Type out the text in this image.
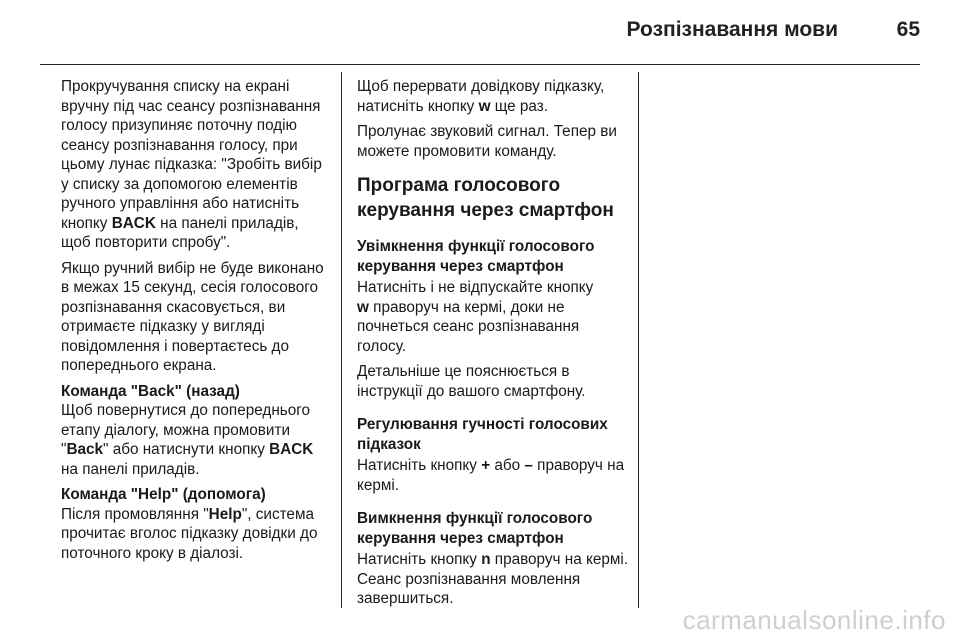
Розпізнавання мови	65

Прокручування списку на екрані вручну під час сеансу розпізнавання голосу призупиняє поточну подію сеансу розпізнавання голосу, при цьому лунає підказка: "Зробіть вибір у списку за допомогою елементів ручного управління або натисніть кнопку BACK на панелі приладів, щоб повторити спробу".

Якщо ручний вибір не буде виконано в межах 15 секунд, сесія голосового розпізнавання скасовується, ви отримаєте підказку у вигляді повідомлення і повертаєтесь до попереднього екрана.

Команда "Back" (назад)

Щоб повернутися до попереднього етапу діалогу, можна промовити "Back" або натиснути кнопку BACK на панелі приладів.

Команда "Help" (допомога)

Після промовляння "Help", система прочитає вголос підказку довідки до поточного кроку в діалозі.

Щоб перервати довідкову підказку, натисніть кнопку w ще раз.

Пролунає звуковий сигнал. Тепер ви можете промовити команду.

Програма голосового керування через смартфон

Увімкнення функції голосового керування через смартфон

Натисніть і не відпускайте кнопку
w праворуч на кермі, доки не почнеться сеанс розпізнавання голосу.

Детальніше це пояснюється в інструкції до вашого смартфону.

Регулювання гучності голосових підказок

Натисніть кнопку + або – праворуч на кермі.

Вимкнення функції голосового керування через смартфон

Натисніть кнопку n праворуч на кермі. Сеанс розпізнавання мовлення завершиться.

carmanualsonline.info
